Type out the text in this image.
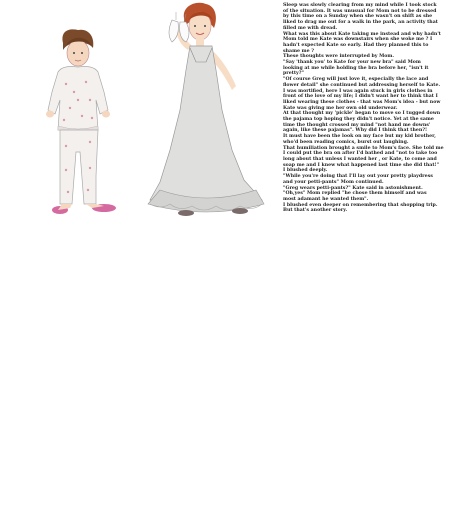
Sleep was slowly clearing from my mind while I took stock

of the situation. It was unusual for Mom not to be dressed

by this time on a Sunday when she wasn't on shift as she

liked to drag me out for a walk in the park, an activity that

filled me with dread.

What was this about Kate taking me instead and why hadn't

Mom told me Kate was downstairs when she woke me ? I

hadn't expected Kate so early. Had they planned this to

shame me ?

These thoughts were interrupted by Mom.

"Say 'thank you' to Kate for your new bra" said Mom

looking at me while holding the bra before her, "isn't it

pretty?"

"Of course Greg will just love it, especially the lace and

flower detail" she continued but addressing herself to Kate.

I was mortified, here I was again stuck in girls clothes in

front of the love of my life; I didn't want her to think that I

liked wearing these clothes - that was Mom's idea - but now

Kate was giving me her own old underwear.

At that thought my 'pickle' began to move so I tugged down

the pajama top hoping they didn't notice. Yet at the same

time the thought crossed my mind "not hand me downs'

again, like these pajamas". Why did I think that then?!

It must have been the look on my face but my kid brother,

who'd been reading comics, burst out laughing.

That humiliation brought a smile to Mom's face. She told me

I could put the bra on after I'd bathed and "not to take too

long about that unless I wanted her , or Kate, to come and

soap me and I knew what happened last time she did that!"

I blushed deeply.

"While you're doing that I'll lay out your pretty playdress

and your petti-pants" Mom continued.

"Greg wears petti-pants?" Kate said in astonishment.

"Oh,yes" Mom replied "he chose them himself and was

most adamant he wanted them".

I blushed even deeper on remembering that shopping trip.

But that's another story.
